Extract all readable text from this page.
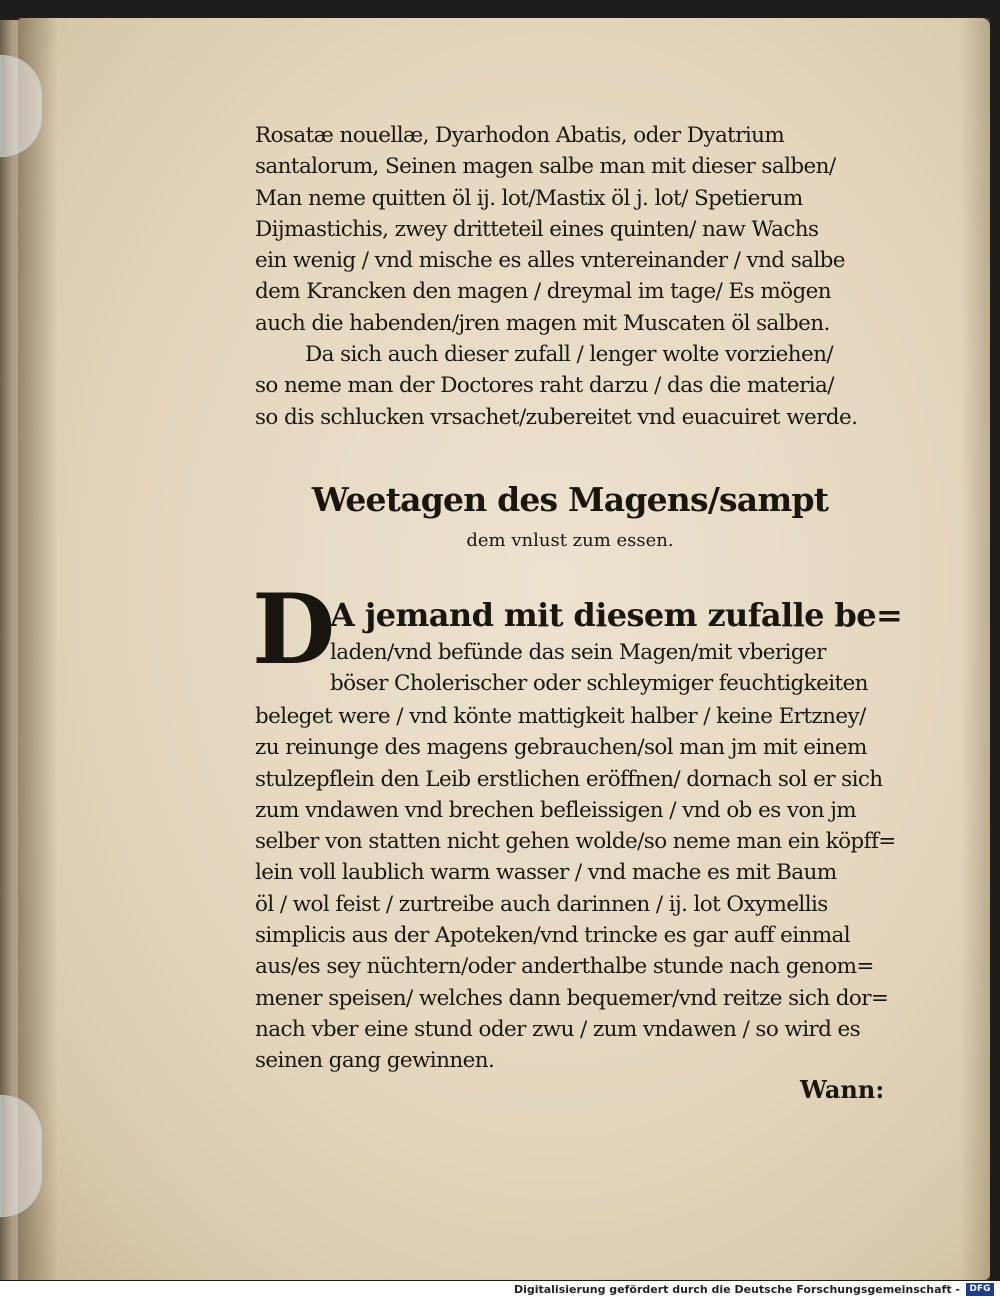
Rosatæ nouellæ, Dyarhodon Abatis, oder Dyatrium
santalorum, Seinen magen salbe man mit dieser salben/
Man neme quitten öl ij. lot/Mastix öl j. lot/ Spetierum
Dijmastichis, zwey dritteteil eines quinten/ naw Wachs
ein wenig / vnd mische es alles vntereinander / vnd salbe
dem Krancken den magen / dreymal im tage/ Es mögen
auch die habenden/jren magen mit Muscaten öl salben.
Da sich auch dieser zufall / lenger wolte vorziehen/
so neme man der Doctores raht darzu / das die materia/
so dis schlucken vrsachet/zubereitet vnd euacuiret werde.
Weetagen des Magens/sampt
dem vnlust zum essen.
D
A jemand mit diesem zufalle be=
laden/vnd befünde das sein Magen/mit vberiger
böser Cholerischer oder schleymiger feuchtigkeiten
beleget were / vnd könte mattigkeit halber / keine Ertzney/
zu reinunge des magens gebrauchen/sol man jm mit einem
stulzepflein den Leib erstlichen eröffnen/ dornach sol er sich
zum vndawen vnd brechen befleissigen / vnd ob es von jm
selber von statten nicht gehen wolde/so neme man ein köpff=
lein voll laublich warm wasser / vnd mache es mit Baum
öl / wol feist / zurtreibe auch darinnen / ij. lot Oxymellis
simplicis aus der Apoteken/vnd trincke es gar auff einmal
aus/es sey nüchtern/oder anderthalbe stunde nach genom=
mener speisen/ welches dann bequemer/vnd reitze sich dor=
nach vber eine stund oder zwu / zum vndawen / so wird es
seinen gang gewinnen.
Wann:
Digitalisierung gefördert durch die Deutsche Forschungsgemeinschaft -	DFG
